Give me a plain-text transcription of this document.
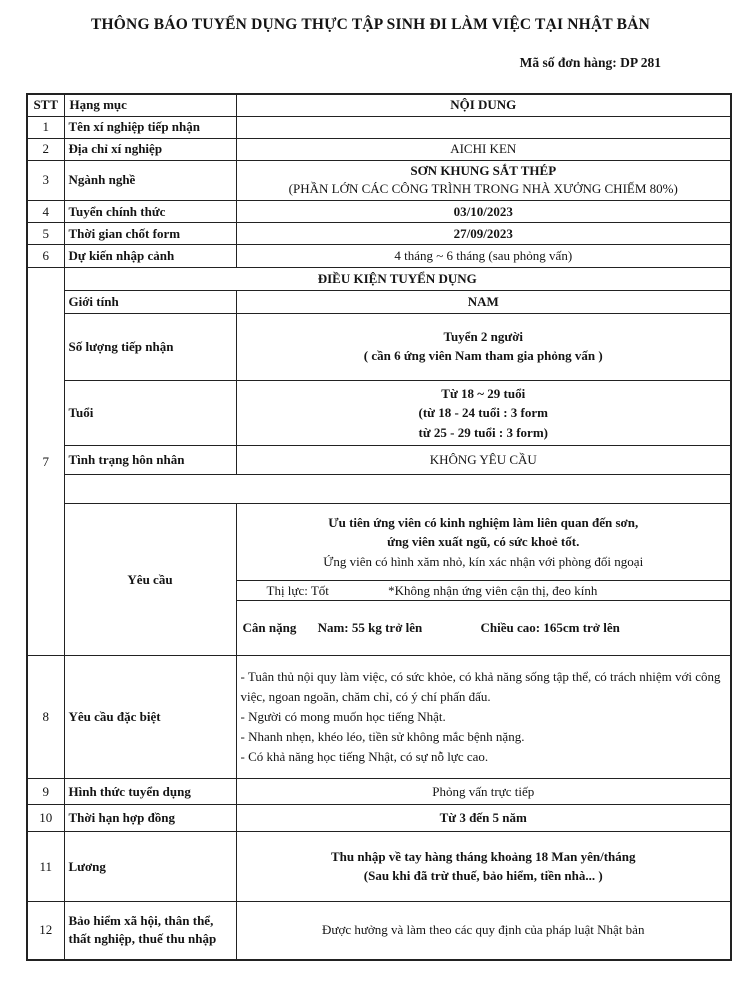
THÔNG BÁO TUYỂN DỤNG THỰC TẬP SINH ĐI LÀM VIỆC TẠI NHẬT BẢN
Mã số đơn hàng: DP 281
STT	Hạng mục	NỘI DUNG
1	Tên xí nghiệp tiếp nhận	
2	Địa chỉ xí nghiệp	AICHI KEN
3	Ngành nghề	SƠN KHUNG SẮT THÉP
(PHẦN LỚN CÁC CÔNG TRÌNH TRONG NHÀ XƯỞNG CHIẾM 80%)

4	Tuyển chính thức	03/10/2023
5	Thời gian chốt form	27/09/2023
6	Dự kiến nhập cảnh	4 tháng ~ 6 tháng (sau phỏng vấn)
7	ĐIỀU KIỆN TUYỂN DỤNG	
	Giới tính	NAM
	Số lượng tiếp nhận	Tuyển 2 người
( cần 6 ứng viên Nam tham gia phỏng vấn )

	Tuổi	Từ 18 ~ 29 tuổi
(từ 18 - 24 tuổi : 3 form
từ 25 - 29 tuổi : 3 form)

	Tình trạng hôn nhân	KHÔNG YÊU CẦU

	Yêu cầu	Ưu tiên ứng viên có kinh nghiệm làm liên quan đến sơn,
ứng viên xuất ngũ, có sức khoẻ tốt.
Ứng viên có hình xăm nhỏ, kín xác nhận với phòng đối ngoại

		Thị lực: Tốt *Không nhận ứng viên cận thị, đeo kính
		Cân nặng Nam: 55 kg trở lên Chiều cao: 165cm trở lên
8	Yêu cầu đặc biệt	- Tuân thủ nội quy làm việc, có sức khỏe, có khả năng sống tập thể, có trách nhiệm với công việc, ngoan ngoãn, chăm chỉ, có ý chí phấn đấu.
- Người có mong muốn học tiếng Nhật.
- Nhanh nhẹn, khéo léo, tiền sử không mắc bệnh nặng.
- Có khả năng học tiếng Nhật, có sự nỗ lực cao.

9	Hình thức tuyển dụng	Phỏng vấn trực tiếp
10	Thời hạn hợp đồng	Từ 3 đến 5 năm
11	Lương	Thu nhập về tay hàng tháng khoảng 18 Man yên/tháng
(Sau khi đã trừ thuế, bảo hiểm, tiền nhà... )

12	Bảo hiểm xã hội, thân thể, thất nghiệp, thuế thu nhập	Được hưởng và làm theo các quy định của pháp luật Nhật bản
